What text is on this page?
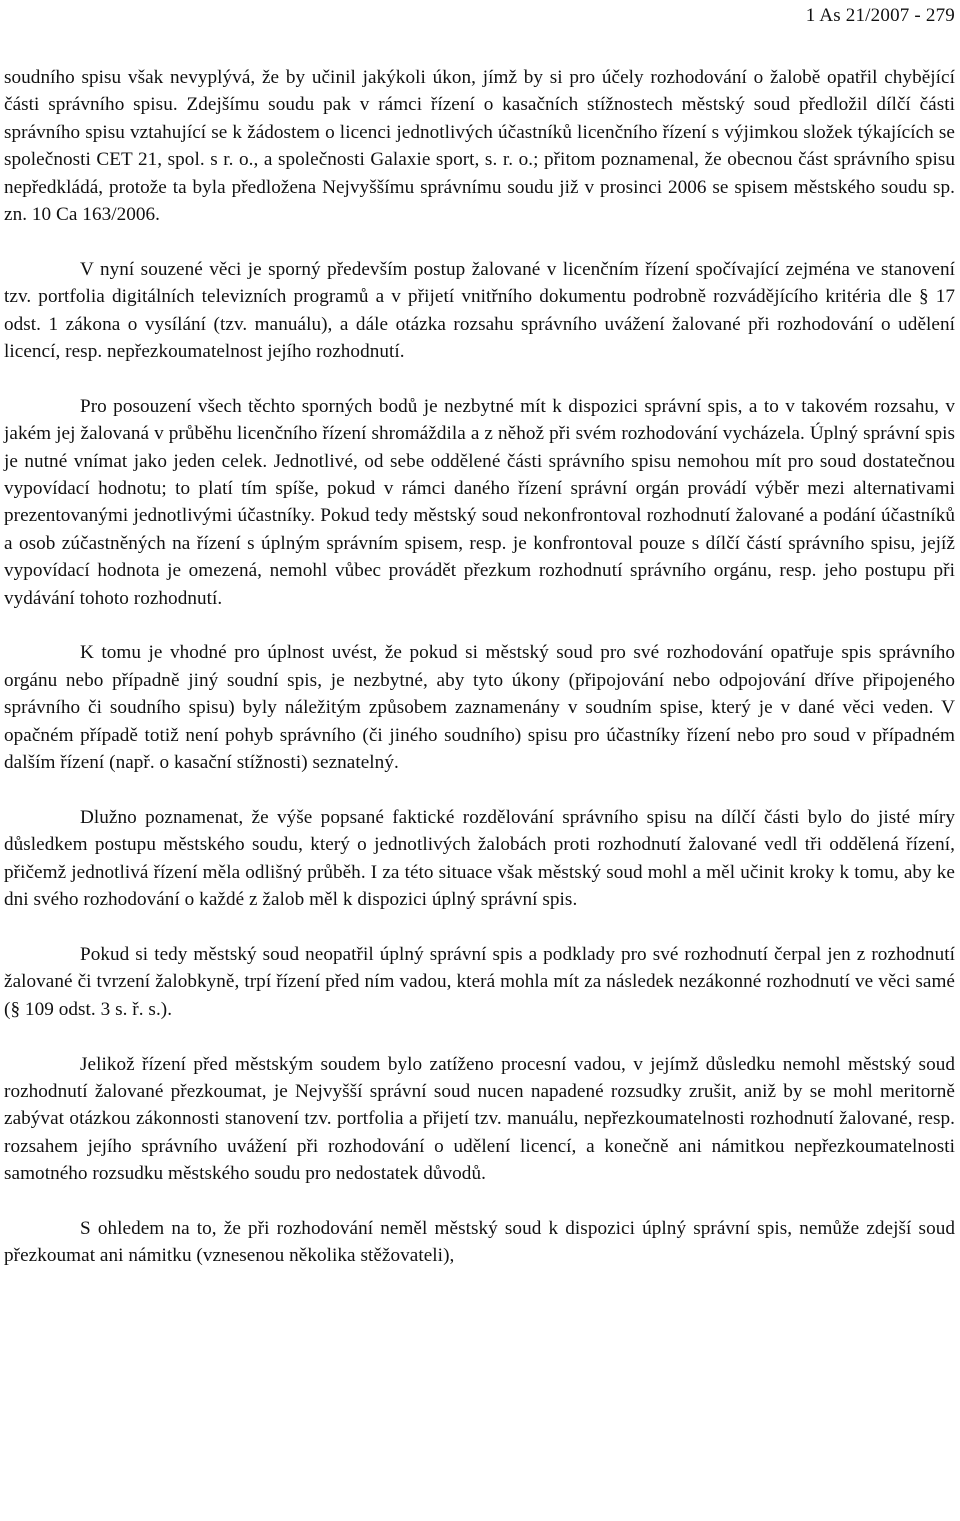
1 As 21/2007 - 279

soudního spisu však nevyplývá, že by učinil jakýkoli úkon, jímž by si pro účely rozhodování o žalobě opatřil chybějící části správního spisu. Zdejšímu soudu pak v rámci řízení o kasačních stížnostech městský soud předložil dílčí části správního spisu vztahující se k žádostem o licenci jednotlivých účastníků licenčního řízení s výjimkou složek týkajících se společnosti CET 21, spol. s r. o., a společnosti Galaxie sport, s. r. o.; přitom poznamenal, že obecnou část správního spisu nepředkládá, protože ta byla předložena Nejvyššímu správnímu soudu již v prosinci 2006 se spisem městského soudu sp. zn. 10 Ca 163/2006.

V nyní souzené věci je sporný především postup žalované v licenčním řízení spočívající zejména ve stanovení tzv. portfolia digitálních televizních programů a v přijetí vnitřního dokumentu podrobně rozvádějícího kritéria dle § 17 odst. 1 zákona o vysílání (tzv. manuálu), a dále otázka rozsahu správního uvážení žalované při rozhodování o udělení licencí, resp. nepřezkoumatelnost jejího rozhodnutí.

Pro posouzení všech těchto sporných bodů je nezbytné mít k dispozici správní spis, a to v takovém rozsahu, v jakém jej žalovaná v průběhu licenčního řízení shromáždila a z něhož při svém rozhodování vycházela. Úplný správní spis je nutné vnímat jako jeden celek. Jednotlivé, od sebe oddělené části správního spisu nemohou mít pro soud dostatečnou vypovídací hodnotu; to platí tím spíše, pokud v rámci daného řízení správní orgán provádí výběr mezi alternativami prezentovanými jednotlivými účastníky. Pokud tedy městský soud nekonfrontoval rozhodnutí žalované a podání účastníků a osob zúčastněných na řízení s úplným správním spisem, resp. je konfrontoval pouze s dílčí částí správního spisu, jejíž vypovídací hodnota je omezená, nemohl vůbec provádět přezkum rozhodnutí správního orgánu, resp. jeho postupu při vydávání tohoto rozhodnutí.

K tomu je vhodné pro úplnost uvést, že pokud si městský soud pro své rozhodování opatřuje spis správního orgánu nebo případně jiný soudní spis, je nezbytné, aby tyto úkony (připojování nebo odpojování dříve připojeného správního či soudního spisu) byly náležitým způsobem zaznamenány v soudním spise, který je v dané věci veden. V opačném případě totiž není pohyb správního (či jiného soudního) spisu pro účastníky řízení nebo pro soud v případném dalším řízení (např. o kasační stížnosti) seznatelný.

Dlužno poznamenat, že výše popsané faktické rozdělování správního spisu na dílčí části bylo do jisté míry důsledkem postupu městského soudu, který o jednotlivých žalobách proti rozhodnutí žalované vedl tři oddělená řízení, přičemž jednotlivá řízení měla odlišný průběh. I za této situace však městský soud mohl a měl učinit kroky k tomu, aby ke dni svého rozhodování o každé z žalob měl k dispozici úplný správní spis.

Pokud si tedy městský soud neopatřil úplný správní spis a podklady pro své rozhodnutí čerpal jen z rozhodnutí žalované či tvrzení žalobkyně, trpí řízení před ním vadou, která mohla mít za následek nezákonné rozhodnutí ve věci samé (§ 109 odst. 3 s. ř. s.).

Jelikož řízení před městským soudem bylo zatíženo procesní vadou, v jejímž důsledku nemohl městský soud rozhodnutí žalované přezkoumat, je Nejvyšší správní soud nucen napadené rozsudky zrušit, aniž by se mohl meritorně zabývat otázkou zákonnosti stanovení tzv. portfolia a přijetí tzv. manuálu, nepřezkoumatelnosti rozhodnutí žalované, resp. rozsahem jejího správního uvážení při rozhodování o udělení licencí, a konečně ani námitkou nepřezkoumatelnosti samotného rozsudku městského soudu pro nedostatek důvodů.

S ohledem na to, že při rozhodování neměl městský soud k dispozici úplný správní spis, nemůže zdejší soud přezkoumat ani námitku (vznesenou několika stěžovateli),
